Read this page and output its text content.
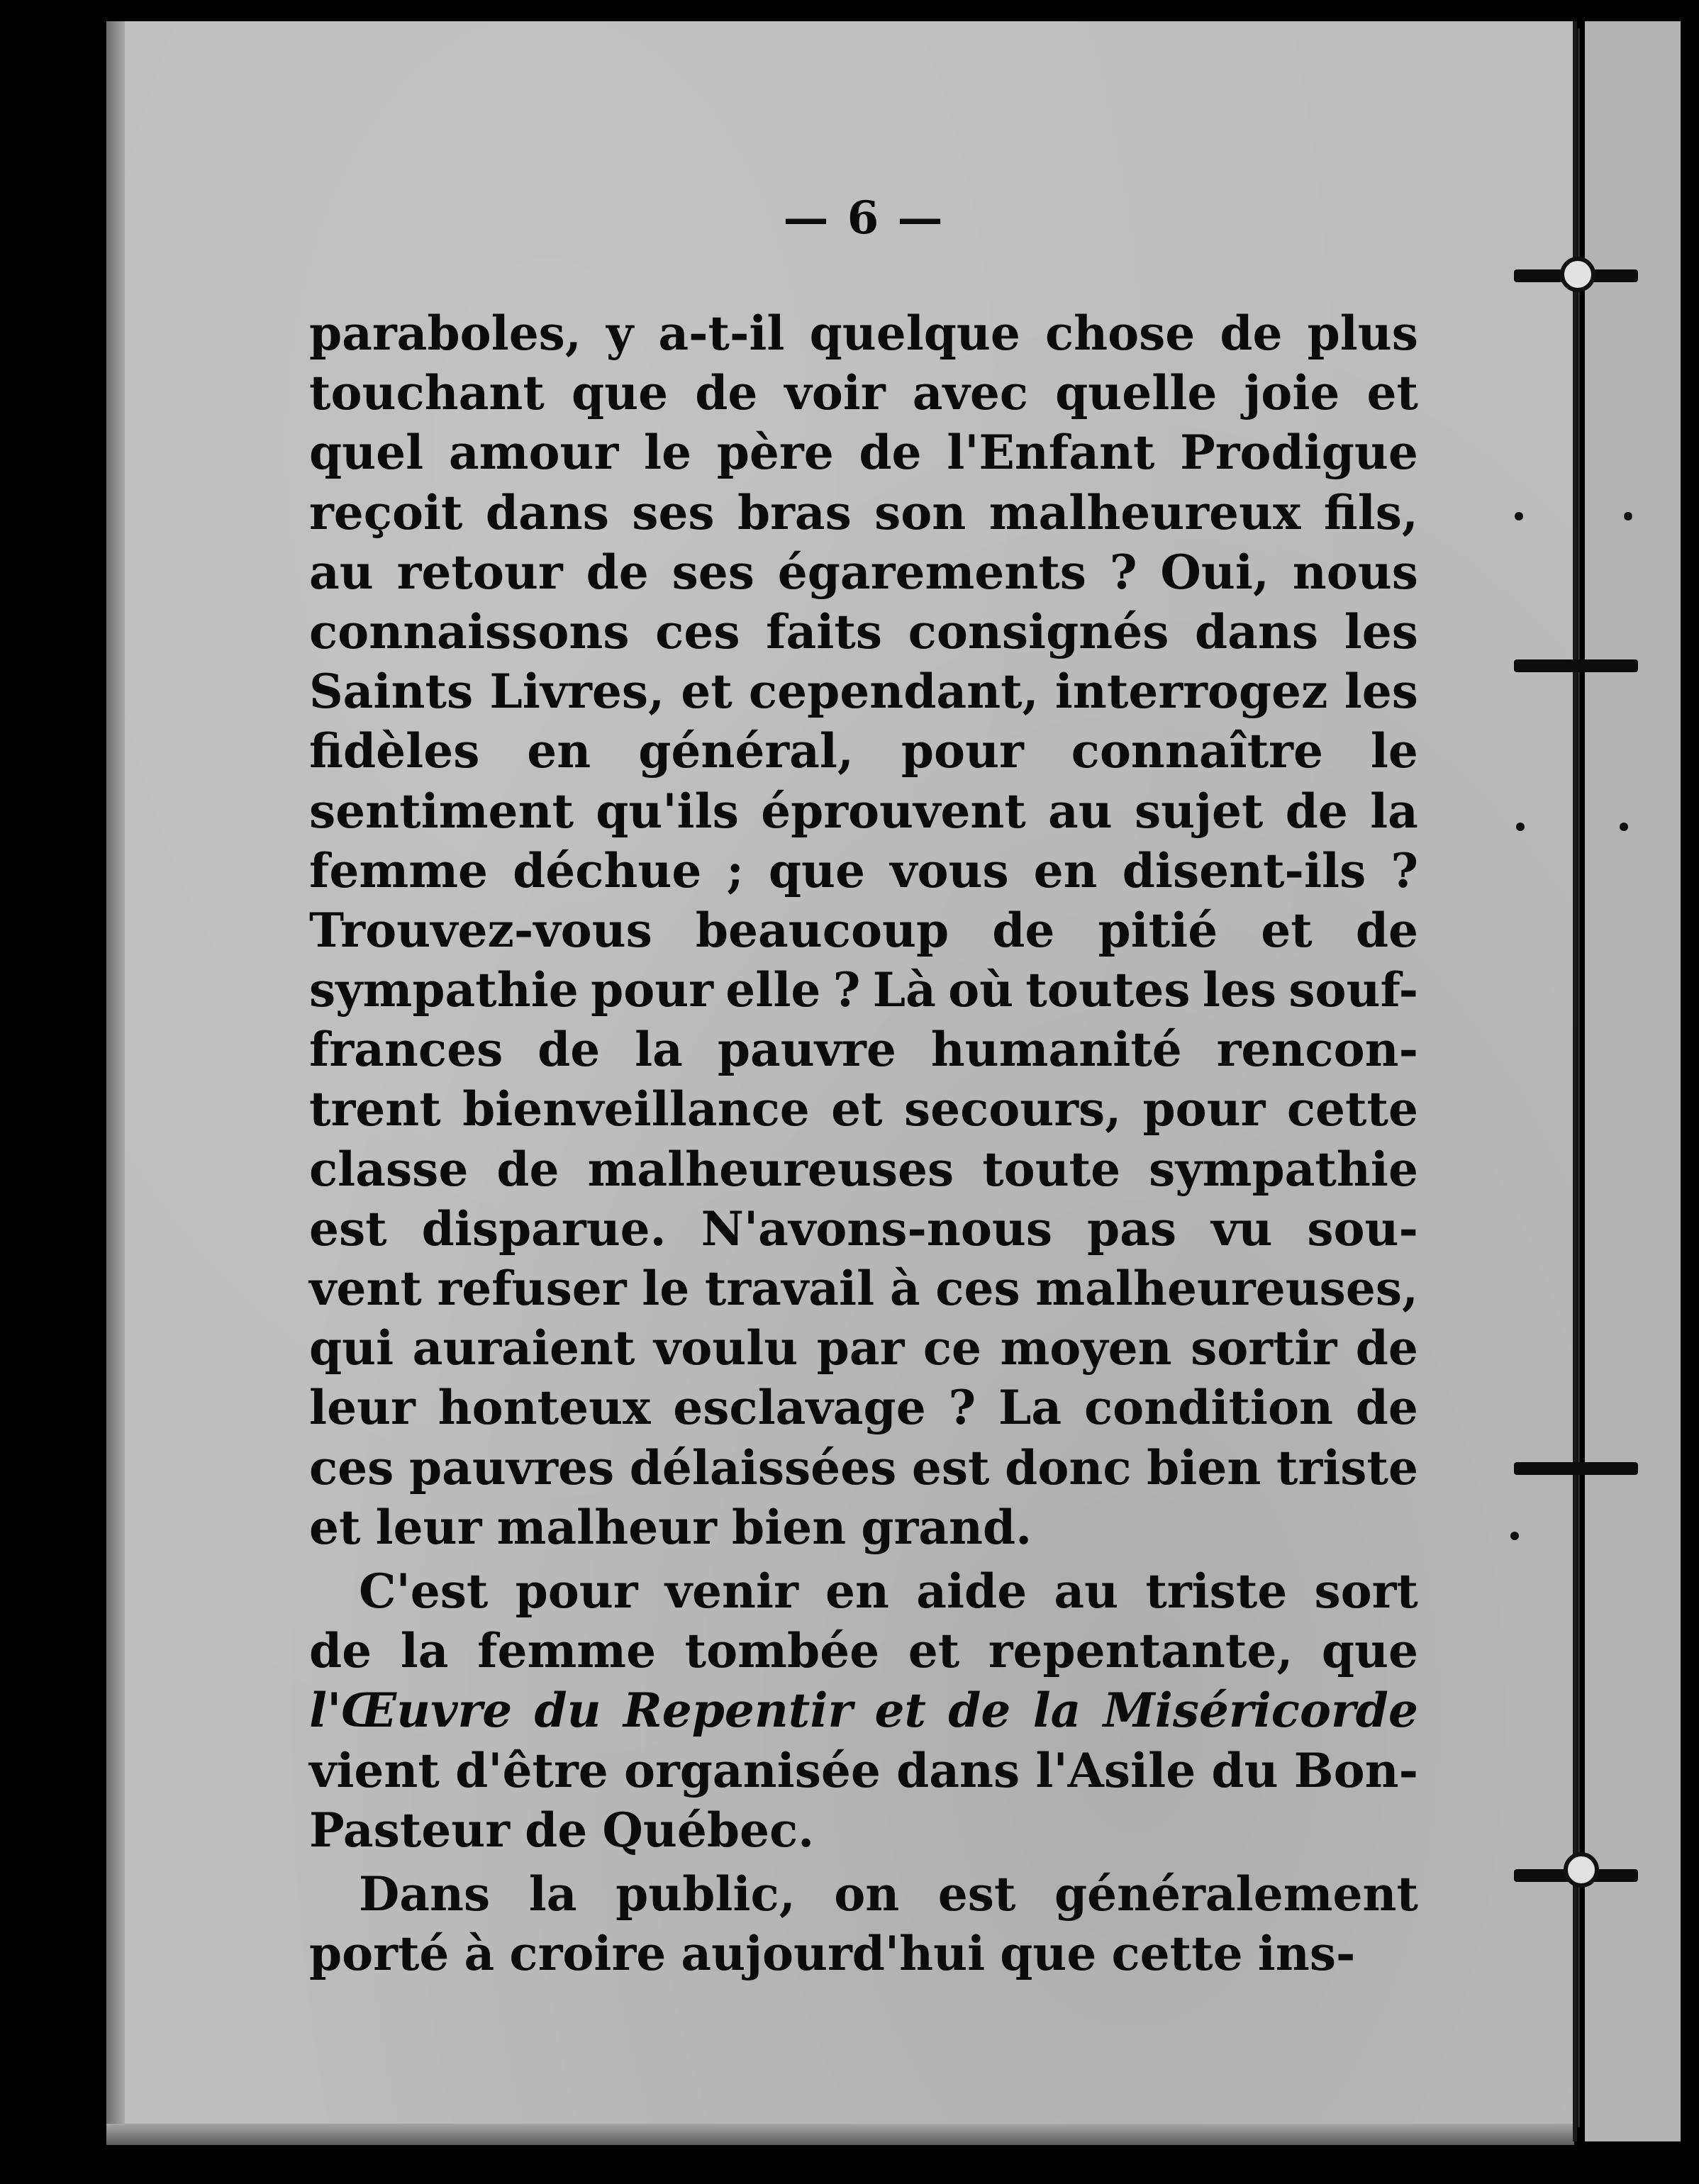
— 6 —
paraboles, y a-t-il quelque chose de plus
touchant que de voir avec quelle joie et
quel amour le père de l'Enfant Prodigue
reçoit dans ses bras son malheureux fils,
au retour de ses égarements ? Oui, nous
connaissons ces faits consignés dans les
Saints Livres, et cependant, interrogez les
fidèles en général, pour connaître le
sentiment qu'ils éprouvent au sujet de la
femme déchue ; que vous en disent-ils ?
Trouvez-vous beaucoup de pitié et de
sympathie pour elle ? Là où toutes les souf-
frances de la pauvre humanité rencon-
trent bienveillance et secours, pour cette
classe de malheureuses toute sympathie
est disparue. N'avons-nous pas vu sou-
vent refuser le travail à ces malheureuses,
qui auraient voulu par ce moyen sortir de
leur honteux esclavage ? La condition de
ces pauvres délaissées est donc bien triste
et leur malheur bien grand.
C'est pour venir en aide au triste sort
de la femme tombée et repentante, que
l'Œuvre du Repentir et de la Miséricorde
vient d'être organisée dans l'Asile du Bon-
Pasteur de Québec.
Dans la public, on est généralement
porté à croire aujourd'hui que cette ins-
